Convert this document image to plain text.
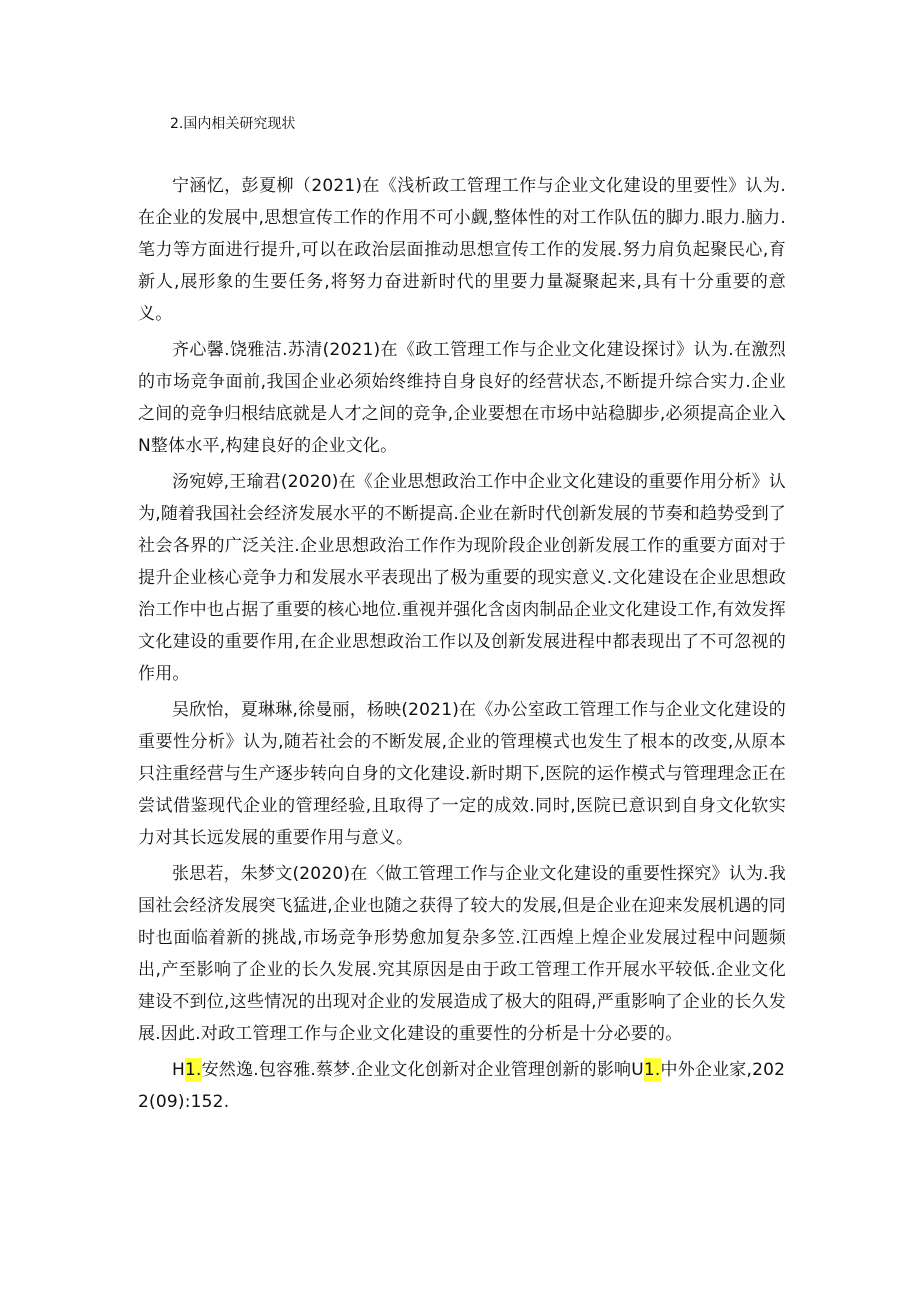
2.国内相关研究现状

宁涵忆，彭夏柳（2021)在《浅析政工管理工作与企业文化建设的里要性》认为.在企业的发展中,思想宣传工作的作用不可小觑,整体性的对工作队伍的脚力.眼力.脑力.笔力等方面进行提升,可以在政治层面推动思想宣传工作的发展.努力肩负起聚民心,育新人,展形象的生要任务,将努力奋进新时代的里要力量凝聚起来,具有十分重要的意义。

齐心馨.饶雅洁.苏清(2021)在《政工管理工作与企业文化建设探讨》认为.在激烈的市场竞争面前,我国企业必须始终维持自身良好的经营状态,不断提升综合实力.企业之间的竞争归根结底就是人才之间的竞争,企业要想在市场中站稳脚步,必须提高企业入N整体水平,构建良好的企业文化。

汤宛婷,王瑜君(2020)在《企业思想政治工作中企业文化建设的重要作用分析》认为,随着我国社会经济发展水平的不断提高.企业在新时代创新发展的节奏和趋势受到了社会各界的广泛关注.企业思想政治工作作为现阶段企业创新发展工作的重要方面对于提升企业核心竞争力和发展水平表现出了极为重要的现实意义.文化建设在企业思想政治工作中也占据了重要的核心地位.重视并强化含卤肉制品企业文化建设工作,有效发挥文化建设的重要作用,在企业思想政治工作以及创新发展进程中都表现出了不可忽视的作用。

吴欣怡，夏琳琳,徐曼丽，杨映(2021)在《办公室政工管理工作与企业文化建设的重要性分析》认为,随若社会的不断发展,企业的管理模式也发生了根本的改变,从原本只注重经营与生产逐步转向自身的文化建设.新时期下,医院的运作模式与管理理念正在尝试借鉴现代企业的管理经验,且取得了一定的成效.同时,医院已意识到自身文化软实力对其长远发展的重要作用与意义。

张思若，朱梦文(2020)在〈做工管理工作与企业文化建设的重要性探究》认为.我国社会经济发展突飞猛进,企业也随之获得了较大的发展,但是企业在迎来发展机遇的同时也面临着新的挑战,市场竞争形势愈加复杂多笠.江西煌上煌企业发展过程中问题频出,产至影响了企业的长久发展.究其原因是由于政工管理工作开展水平较低.企业文化建设不到位,这些情况的出现对企业的发展造成了极大的阻碍,严重影响了企业的长久发展.因此.对政工管理工作与企业文化建设的重要性的分析是十分必要的。

H1.安然逸.包容雅.蔡梦.企业文化创新对企业管理创新的影响U1.中外企业家,2022(09):152.
